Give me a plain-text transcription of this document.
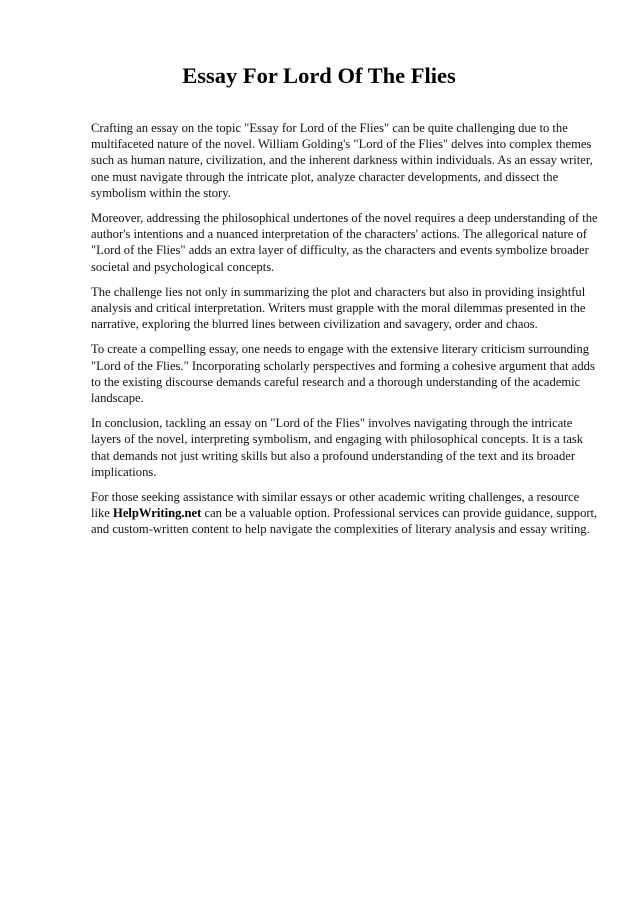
Essay For Lord Of The Flies

Crafting an essay on the topic "Essay for Lord of the Flies" can be quite challenging due to the multifaceted nature of the novel. William Golding's "Lord of the Flies" delves into complex themes such as human nature, civilization, and the inherent darkness within individuals. As an essay writer, one must navigate through the intricate plot, analyze character developments, and dissect the symbolism within the story.

Moreover, addressing the philosophical undertones of the novel requires a deep understanding of the author's intentions and a nuanced interpretation of the characters' actions. The allegorical nature of "Lord of the Flies" adds an extra layer of difficulty, as the characters and events symbolize broader societal and psychological concepts.

The challenge lies not only in summarizing the plot and characters but also in providing insightful analysis and critical interpretation. Writers must grapple with the moral dilemmas presented in the narrative, exploring the blurred lines between civilization and savagery, order and chaos.

To create a compelling essay, one needs to engage with the extensive literary criticism surrounding "Lord of the Flies." Incorporating scholarly perspectives and forming a cohesive argument that adds to the existing discourse demands careful research and a thorough understanding of the academic landscape.

In conclusion, tackling an essay on "Lord of the Flies" involves navigating through the intricate layers of the novel, interpreting symbolism, and engaging with philosophical concepts. It is a task that demands not just writing skills but also a profound understanding of the text and its broader implications.

For those seeking assistance with similar essays or other academic writing challenges, a resource like HelpWriting.net can be a valuable option. Professional services can provide guidance, support, and custom-written content to help navigate the complexities of literary analysis and essay writing.
